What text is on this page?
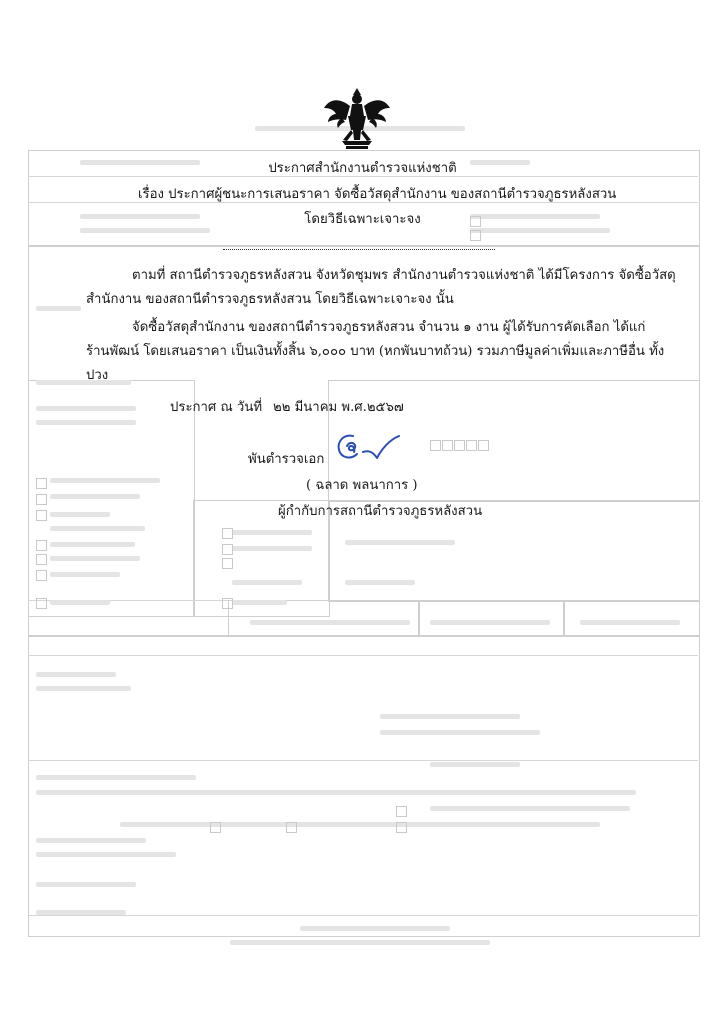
ประกาศสำนักงานตำรวจแห่งชาติ
เรื่อง ประกาศผู้ชนะการเสนอราคา จัดซื้อวัสดุสำนักงาน ของสถานีตำรวจภูธรหลังสวน
โดยวิธีเฉพาะเจาะจง
ตามที่ สถานีตำรวจภูธรหลังสวน จังหวัดชุมพร สำนักงานตำรวจแห่งชาติ ได้มีโครงการ จัดซื้อวัสดุ
สำนักงาน ของสถานีตำรวจภูธรหลังสวน โดยวิธีเฉพาะเจาะจง นั้น
จัดซื้อวัสดุสำนักงาน ของสถานีตำรวจภูธรหลังสวน จำนวน ๑ งาน ผู้ได้รับการคัดเลือก ได้แก่
ร้านพัฒน์ โดยเสนอราคา เป็นเงินทั้งสิ้น ๖,๐๐๐ บาท (หกพันบาทถ้วน) รวมภาษีมูลค่าเพิ่มและภาษีอื่น ทั้ง
ปวง
ประกาศ ณ วันที่ ๒๒ มีนาคม พ.ศ.๒๕๖๗
พันตำรวจเอก
( ฉลาด พลนาการ )
ผู้กำกับการสถานีตำรวจภูธรหลังสวน
